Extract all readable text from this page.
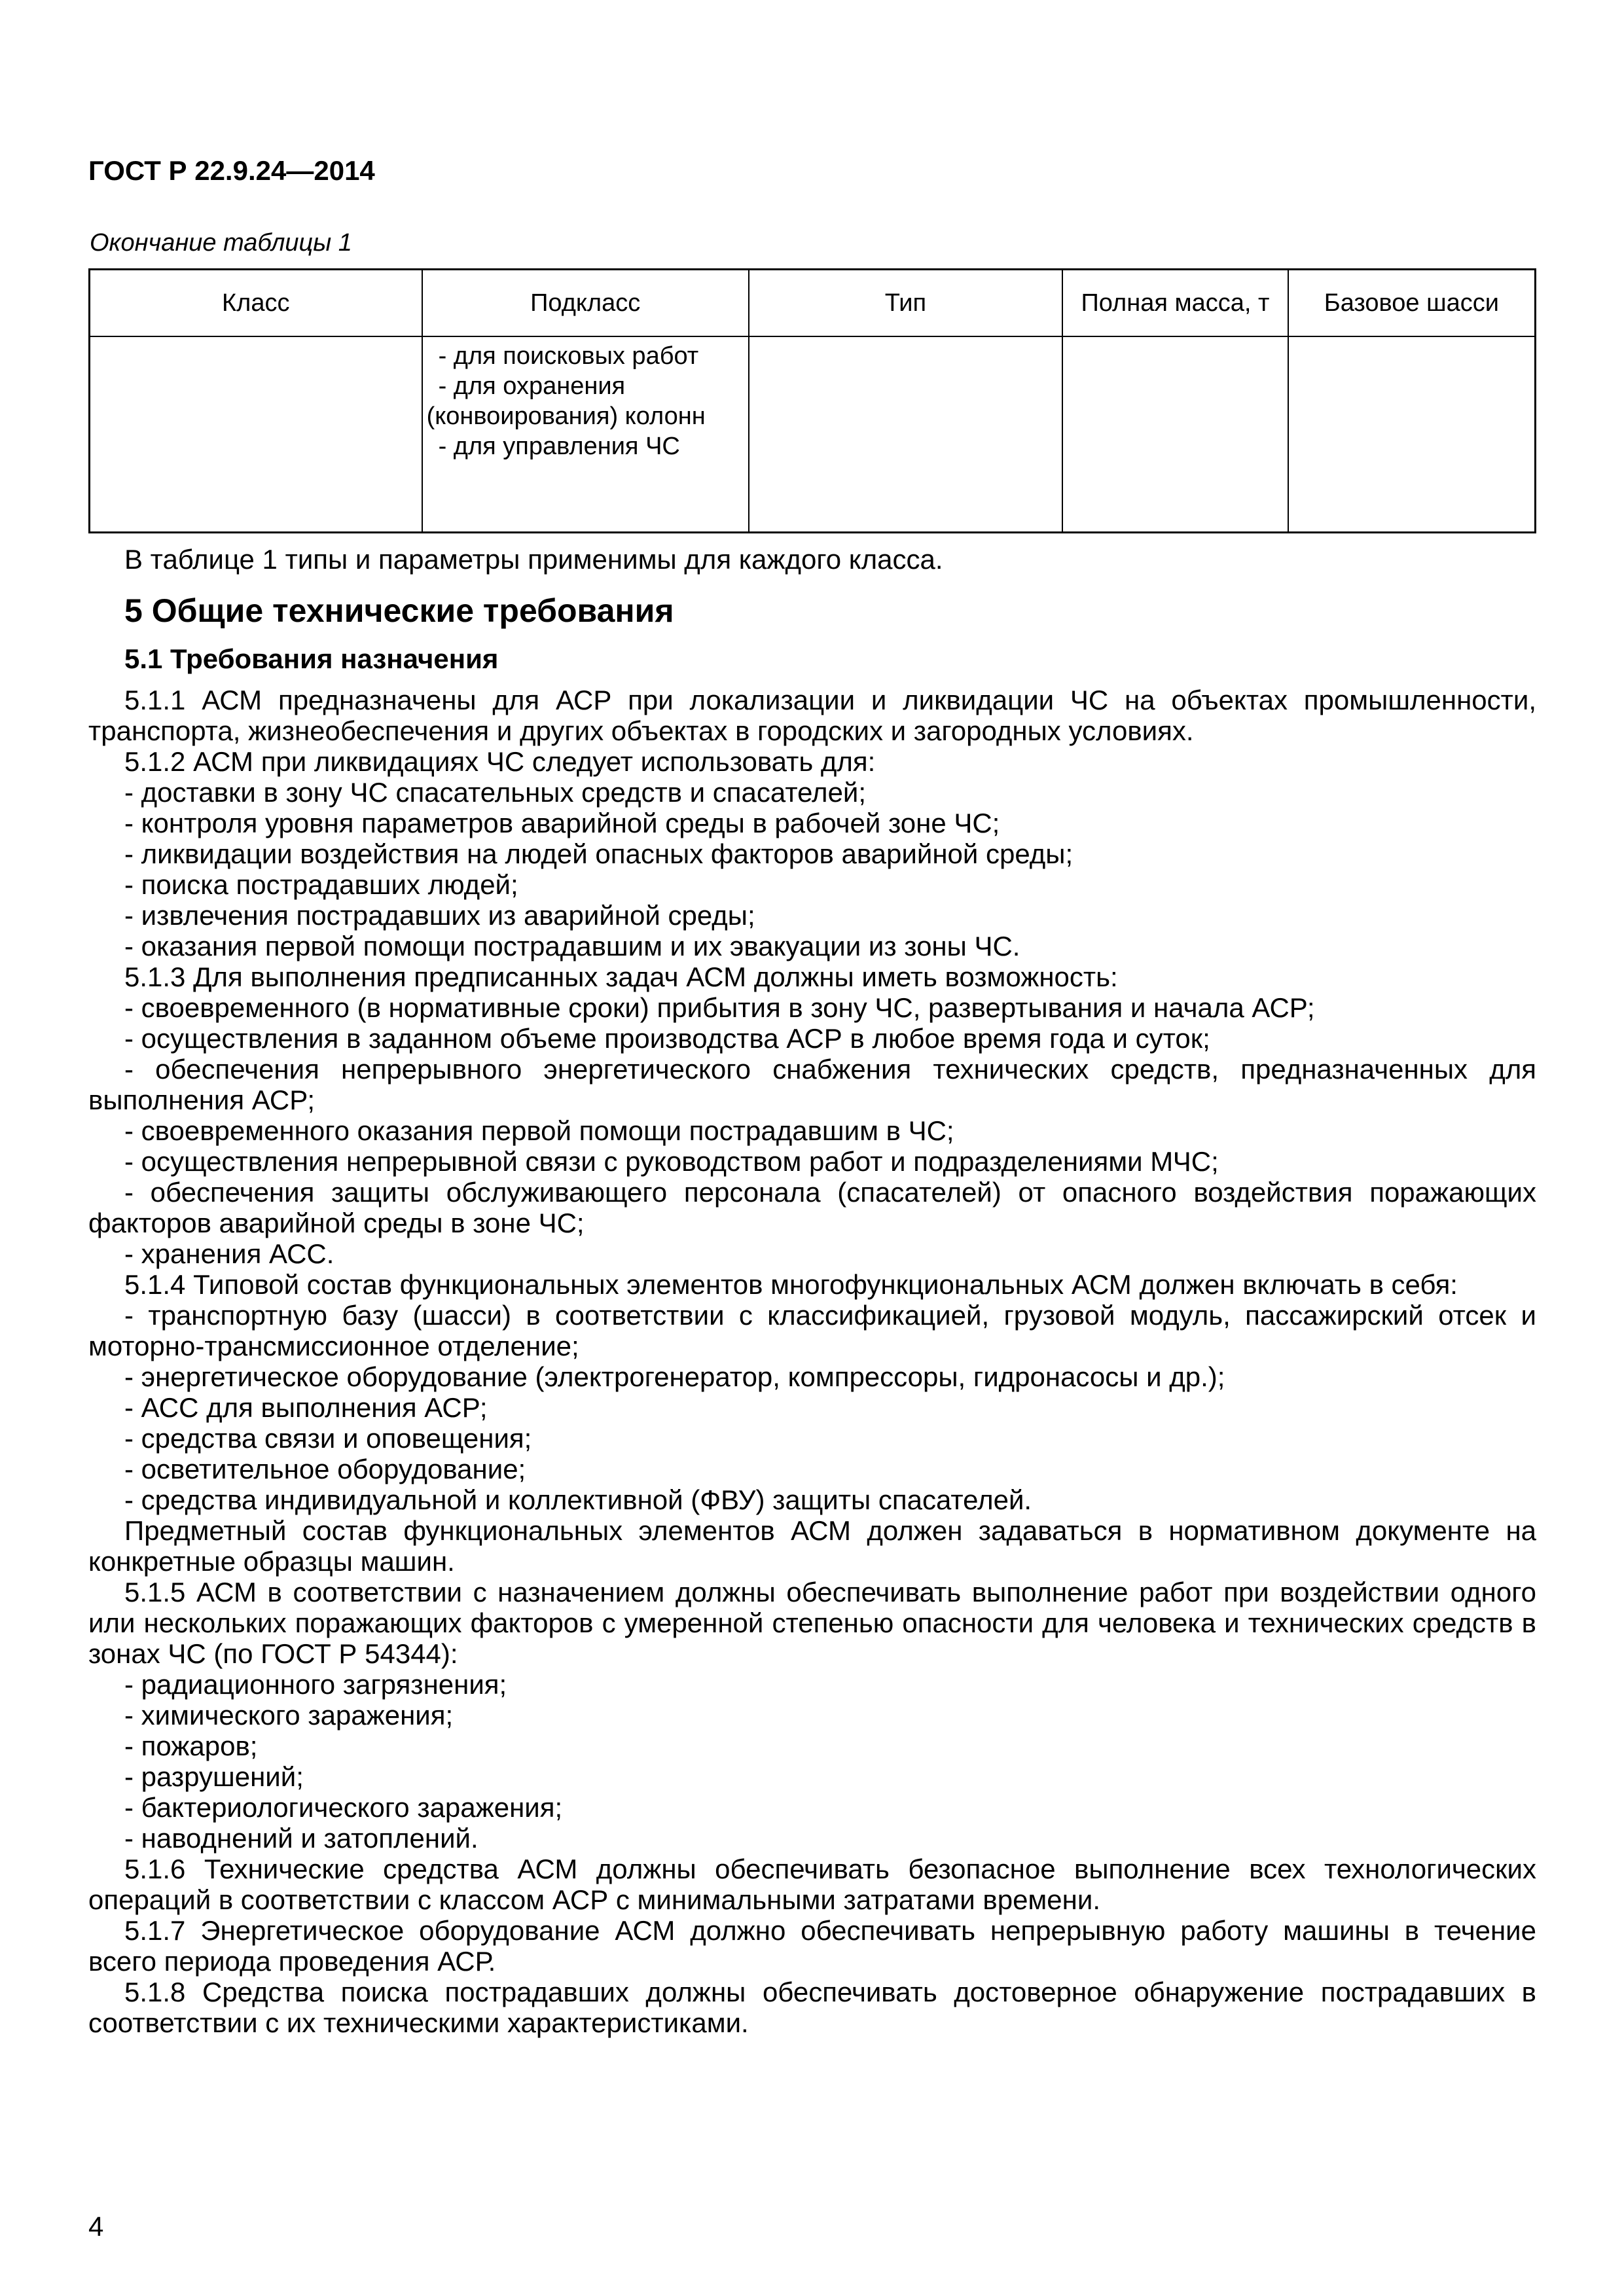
ГОСТ Р 22.9.24—2014
Окончание таблицы 1
Класс	Подкласс	Тип	Полная масса, т	Базовое шасси

	- для поисковых работ
- для охранения (конвоирования) колонн
- для управления ЧС			

В таблице 1 типы и параметры применимы для каждого класса.
5 Общие технические требования
5.1 Требования назначения
5.1.1 АСМ предназначены для АСР при локализации и ликвидации ЧС на объектах промышленности, транспорта, жизнеобеспечения и других объектах в городских и загородных условиях.
5.1.2 АСМ при ликвидациях ЧС следует использовать для:
- доставки в зону ЧС спасательных средств и спасателей;
- контроля уровня параметров аварийной среды в рабочей зоне ЧС;
- ликвидации воздействия на людей опасных факторов аварийной среды;
- поиска пострадавших людей;
- извлечения пострадавших из аварийной среды;
- оказания первой помощи пострадавшим и их эвакуации из зоны ЧС.
5.1.3 Для выполнения предписанных задач АСМ должны иметь возможность:
- своевременного (в нормативные сроки) прибытия в зону ЧС, развертывания и начала АСР;
- осуществления в заданном объеме производства АСР в любое время года и суток;
- обеспечения непрерывного энергетического снабжения технических средств, предназначенных для выполнения АСР;
- своевременного оказания первой помощи пострадавшим в ЧС;
- осуществления непрерывной связи с руководством работ и подразделениями МЧС;
- обеспечения защиты обслуживающего персонала (спасателей) от опасного воздействия поражающих факторов аварийной среды в зоне ЧС;
- хранения АСС.
5.1.4 Типовой состав функциональных элементов многофункциональных АСМ должен включать в себя:
- транспортную базу (шасси) в соответствии с классификацией, грузовой модуль, пассажирский отсек и моторно-трансмиссионное отделение;
- энергетическое оборудование (электрогенератор, компрессоры, гидронасосы и др.);
- АСС для выполнения АСР;
- средства связи и оповещения;
- осветительное оборудование;
- средства индивидуальной и коллективной (ФВУ) защиты спасателей.
Предметный состав функциональных элементов АСМ должен задаваться в нормативном документе на конкретные образцы машин.
5.1.5 АСМ в соответствии с назначением должны обеспечивать выполнение работ при воздействии одного или нескольких поражающих факторов с умеренной степенью опасности для человека и технических средств в зонах ЧС (по ГОСТ Р 54344):
- радиационного загрязнения;
- химического заражения;
- пожаров;
- разрушений;
- бактериологического заражения;
- наводнений и затоплений.
5.1.6 Технические средства АСМ должны обеспечивать безопасное выполнение всех технологических операций в соответствии с классом АСР с минимальными затратами времени.
5.1.7 Энергетическое оборудование АСМ должно обеспечивать непрерывную работу машины в течение всего периода проведения АСР.
5.1.8 Средства поиска пострадавших должны обеспечивать достоверное обнаружение пострадавших в соответствии с их техническими характеристиками.
4
